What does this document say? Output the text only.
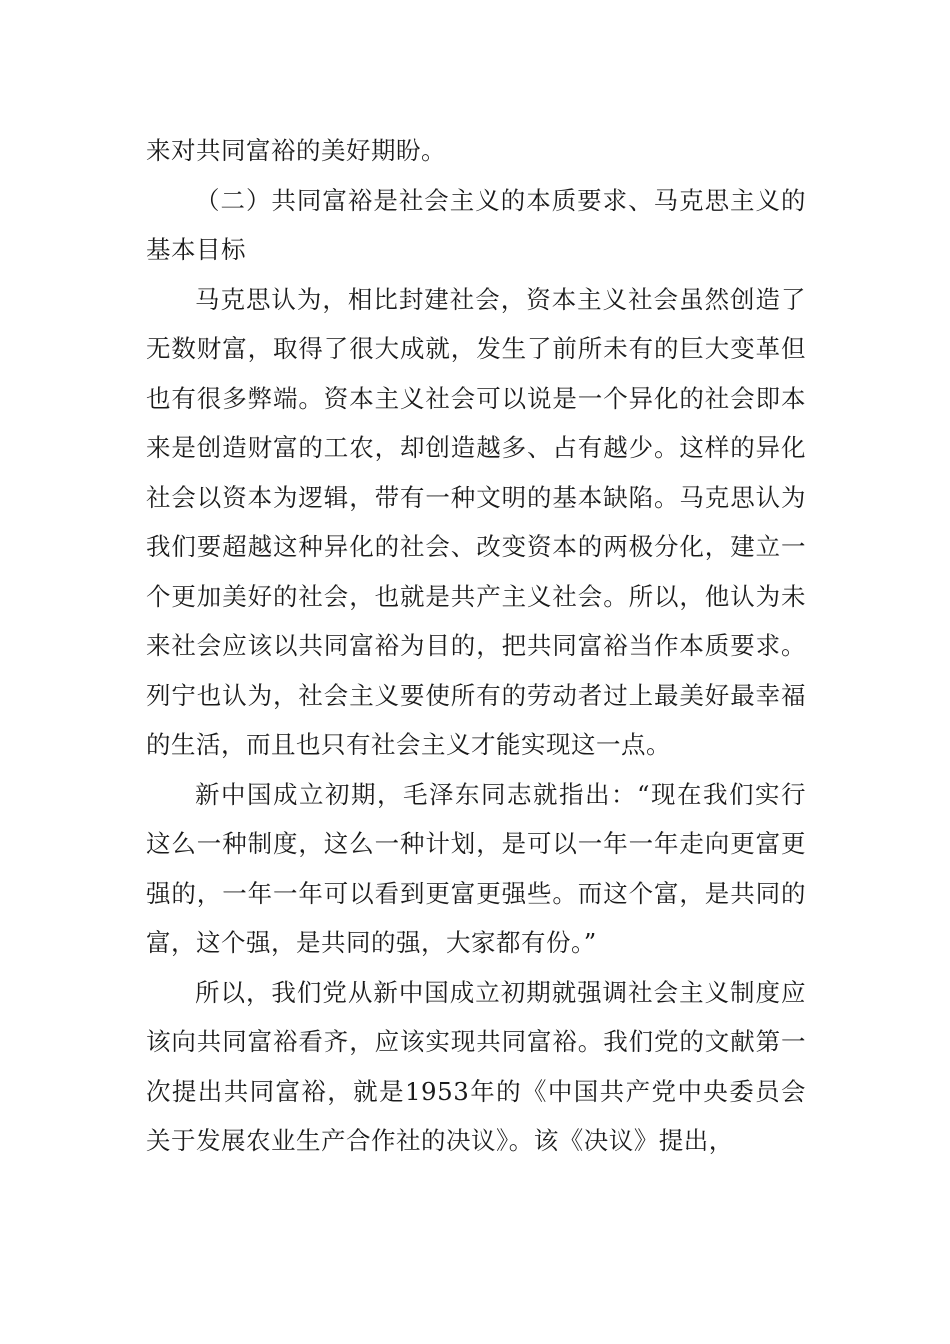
来对共同富裕的美好期盼。

（二）共同富裕是社会主义的本质要求、马克思主义的基本目标

马克思认为，相比封建社会，资本主义社会虽然创造了无数财富，取得了很大成就，发生了前所未有的巨大变革但也有很多弊端。资本主义社会可以说是一个异化的社会即本来是创造财富的工农，却创造越多、占有越少。这样的异化社会以资本为逻辑，带有一种文明的基本缺陷。马克思认为我们要超越这种异化的社会、改变资本的两极分化，建立一个更加美好的社会，也就是共产主义社会。所以，他认为未来社会应该以共同富裕为目的，把共同富裕当作本质要求。列宁也认为，社会主义要使所有的劳动者过上最美好最幸福的生活，而且也只有社会主义才能实现这一点。

新中国成立初期，毛泽东同志就指出：“现在我们实行这么一种制度，这么一种计划，是可以一年一年走向更富更强的，一年一年可以看到更富更强些。而这个富，是共同的富，这个强，是共同的强，大家都有份。”

所以，我们党从新中国成立初期就强调社会主义制度应该向共同富裕看齐，应该实现共同富裕。我们党的文献第一次提出共同富裕，就是1953年的《中国共产党中央委员会关于发展农业生产合作社的决议》。该《决议》提出，
